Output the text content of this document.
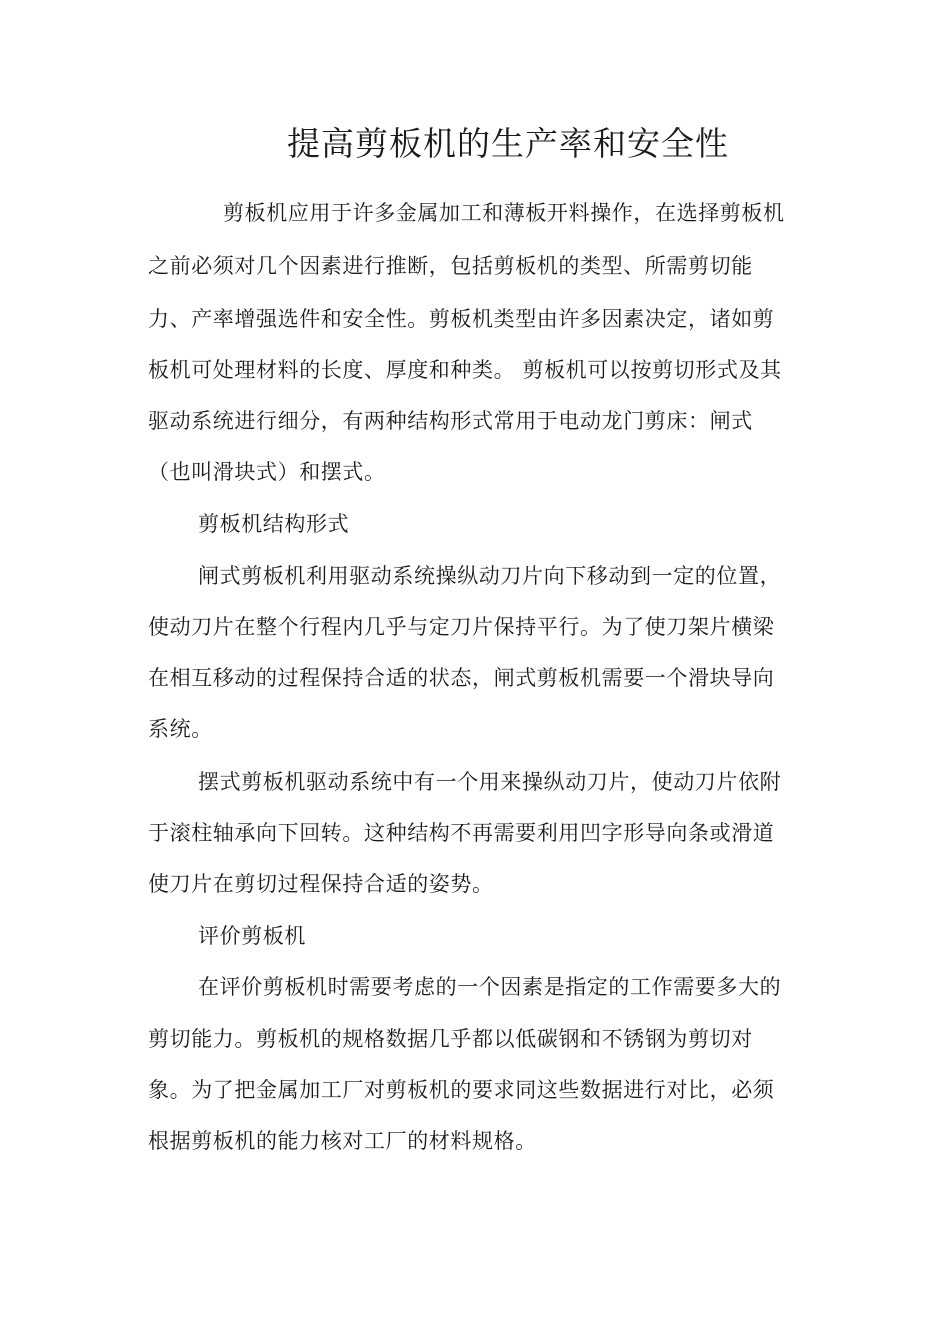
提高剪板机的生产率和安全性
剪板机应用于许多金属加工和薄板开料操作，在选择剪板机
之前必须对几个因素进行推断，包括剪板机的类型、所需剪切能
力、产率增强选件和安全性。剪板机类型由许多因素决定，诸如剪
板机可处理材料的长度、厚度和种类。 剪板机可以按剪切形式及其
驱动系统进行细分，有两种结构形式常用于电动龙门剪床：闸式
（也叫滑块式）和摆式。
剪板机结构形式
闸式剪板机利用驱动系统操纵动刀片向下移动到一定的位置，
使动刀片在整个行程内几乎与定刀片保持平行。为了使刀架片横梁
在相互移动的过程保持合适的状态，闸式剪板机需要一个滑块导向
系统。
摆式剪板机驱动系统中有一个用来操纵动刀片，使动刀片依附
于滚柱轴承向下回转。这种结构不再需要利用凹字形导向条或滑道
使刀片在剪切过程保持合适的姿势。
评价剪板机
在评价剪板机时需要考虑的一个因素是指定的工作需要多大的
剪切能力。剪板机的规格数据几乎都以低碳钢和不锈钢为剪切对
象。为了把金属加工厂对剪板机的要求同这些数据进行对比，必须
根据剪板机的能力核对工厂的材料规格。
